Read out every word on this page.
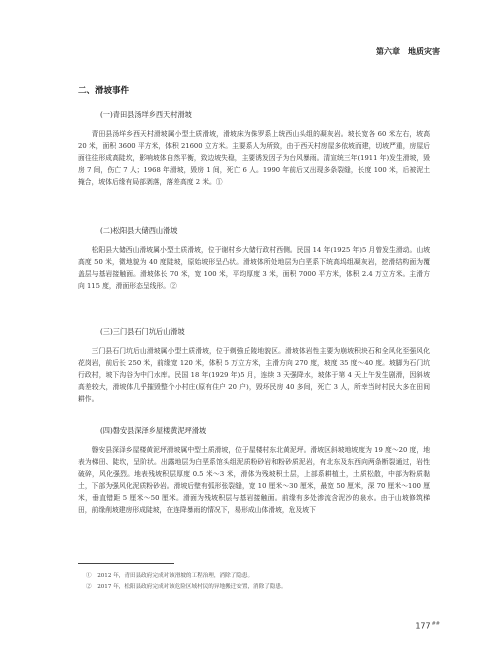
第六章　地质灾害
二、滑坡事件
(一)青田县汤垟乡西天村滑坡
青田县汤垟乡西天村滑坡属小型土质滑坡，滑坡床为侏罗系上统西山头组的凝灰岩。坡长宽各 60 米左右，坡高 20 米，面积 3600 平方米，体积 21600 立方米。主要系人为所致，由于西天村房屋多依坡而建，切坡严重，房屋后面往往形成高陡坎，影响坡体自然平衡，致边坡失稳，主要诱发因子为台风暴雨。清宣统三年(1911 年)发生滑坡，毁房 7 间，伤亡 7 人；1968 年滑坡，毁房 1 间，死亡 6 人。1990 年前后又出现多条裂缝，长度 100 米，后被泥土掩合，坡体后缘有局部剥落，落差高度 2 米。①
(二)松阳县大储西山滑坡
松阳县大储西山滑坡属小型土质滑坡，位于谢村乡大储行政村西侧。民国 14 年(1925 年)5 月曾发生滑动。山坡高度 50 米，微地貌为 40 度陡坡，原始坡形呈凸状。滑坡体所处地层为白垩系下统高坞组凝灰岩，挖滑结构面为覆盖层与基岩接触面。滑坡体长 70 米，宽 100 米，平均厚度 3 米，面积 7000 平方米，体积 2.4 万立方米。主滑方向 115 度，滑面形态呈线形。②
(三)三门县石门坑后山滑坡
三门县石门坑后山滑坡属小型土质滑坡，位于剃強丘陵地貌区。滑坡体岩性主要为崩坡积块石和全风化至强风化花岗岩，前后长 250 米，前缘宽 120 米，体积 5 万立方米，主滑方向 270 度，坡度 35 度～40 度。坡脚为石门坑行政村，坡下沟谷为中门水库。民国 18 年(1929 年)5 月，连续 3 天强降水，坡体于第 4 天上午发生剧滑，因斜坡高差较大，滑坡体几乎摧毁整个小村庄(原有住户 20 户)，毁坏民房 40 多间，死亡 3 人，所幸当时村民大多在田间耕作。
(四)磐安县深泽乡屋楼黄泥坪滑坡
磐安县深泽乡屋楼黄泥坪滑坡属中型土质滑坡，位于屋楼村东北黄泥坪。滑坡区斜坡地坡度为 19 度～20 度，地表为梯田、陡坎，呈阶状。出露地层为白垩系馆头组泥质粉砂岩和粉砂质泥岩，有北东及东西向两条断裂通过，岩性破碎，风化强烈。地表残坡积层厚度 0.5 米～3 米，滑体为残坡积土层，上部系耕植土，土质松散，中部为粉质黏土，下部为强风化泥质粉砂岩。滑坡后壁有弧形张裂缝，宽 10 厘米～30 厘米，最宽 50 厘米，深 70 厘米～100 厘米，垂直错距 5 厘米～50 厘米。滑面为残坡积层与基岩接触面。前缘有多处渗流含泥沙的泉水。由于山坡修筑梯田，前缘削坡建房形成陡坡，在连降暴雨的情况下，易形成山体滑坡，危及坡下
①　2012 年，青田县政府完成对该滑坡的工程治理，消除了隐患。
②　2017 年，松阳县政府完成对该危险区域村民的异地搬迁安置，消除了隐患。
177##
